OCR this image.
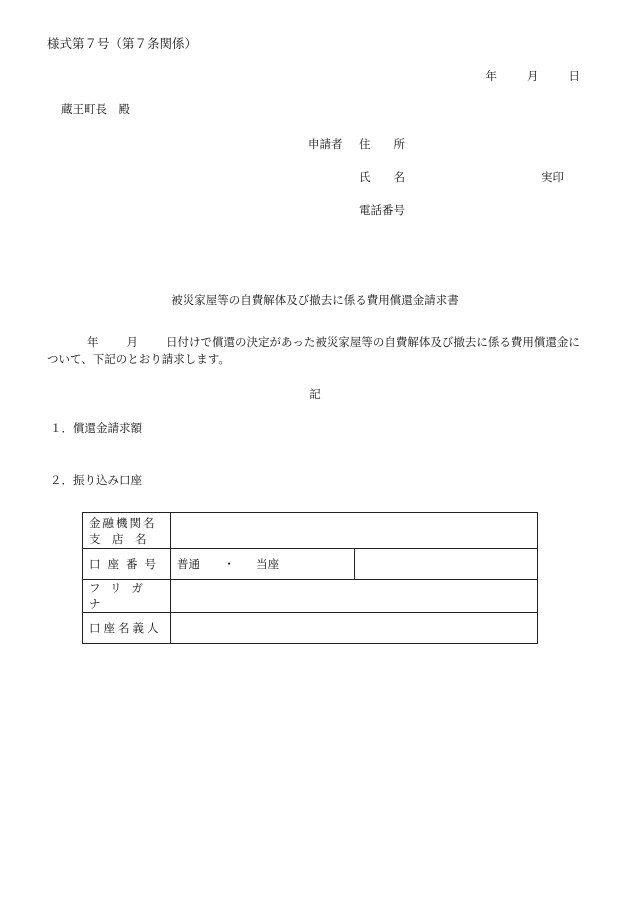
様式第７号（第７条関係）
年	月	日
蔵王町長　殿
申請者 住　　所
氏　　名	実印
電話番号
被災家屋等の自費解体及び撤去に係る費用償還金請求書
年 月 日付けで償還の決定があった被災家屋等の自費解体及び撤去に係る費用償還金について、下記のとおり請求します。
記
１．償還金請求額
２．振り込み口座
金融機関名
支　店　名		

口座番号	普通 ・ 当座	
フリガナ		
口座名義人		
